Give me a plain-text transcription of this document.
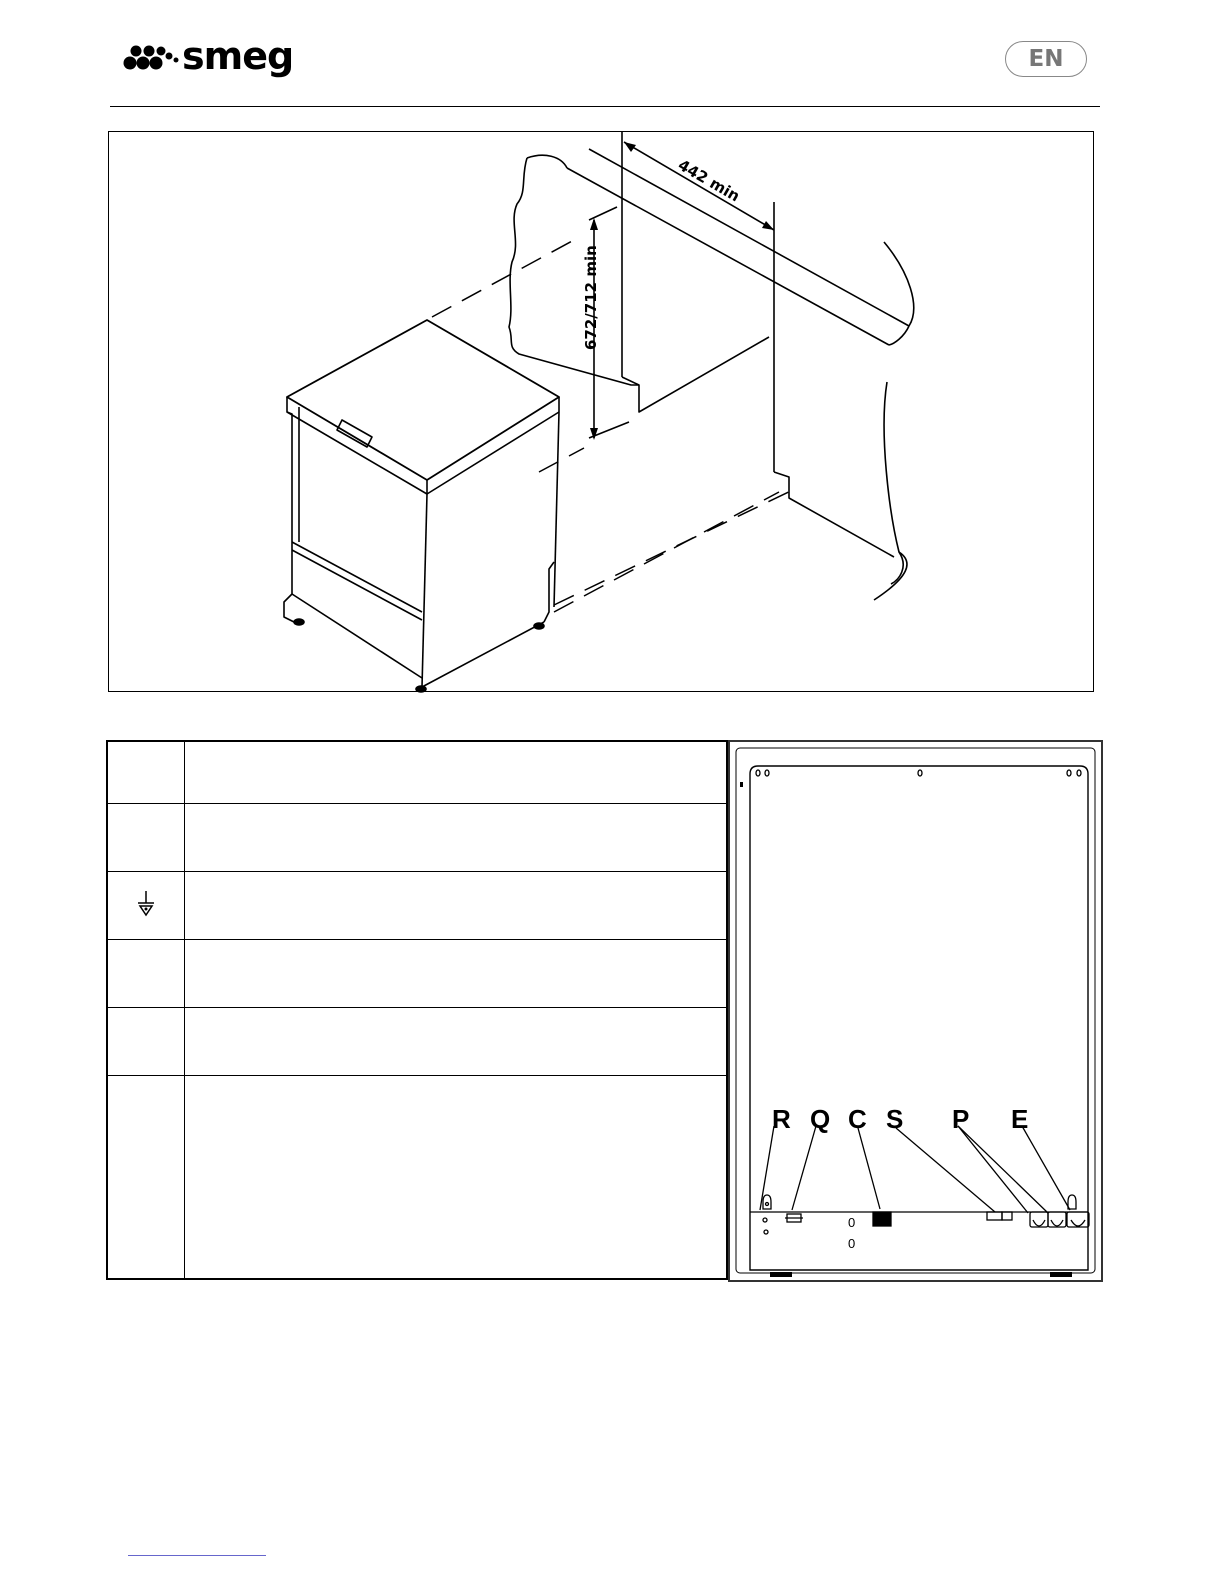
smeg	EN
442 min
672/712 min
R Q C S P E
0
0
